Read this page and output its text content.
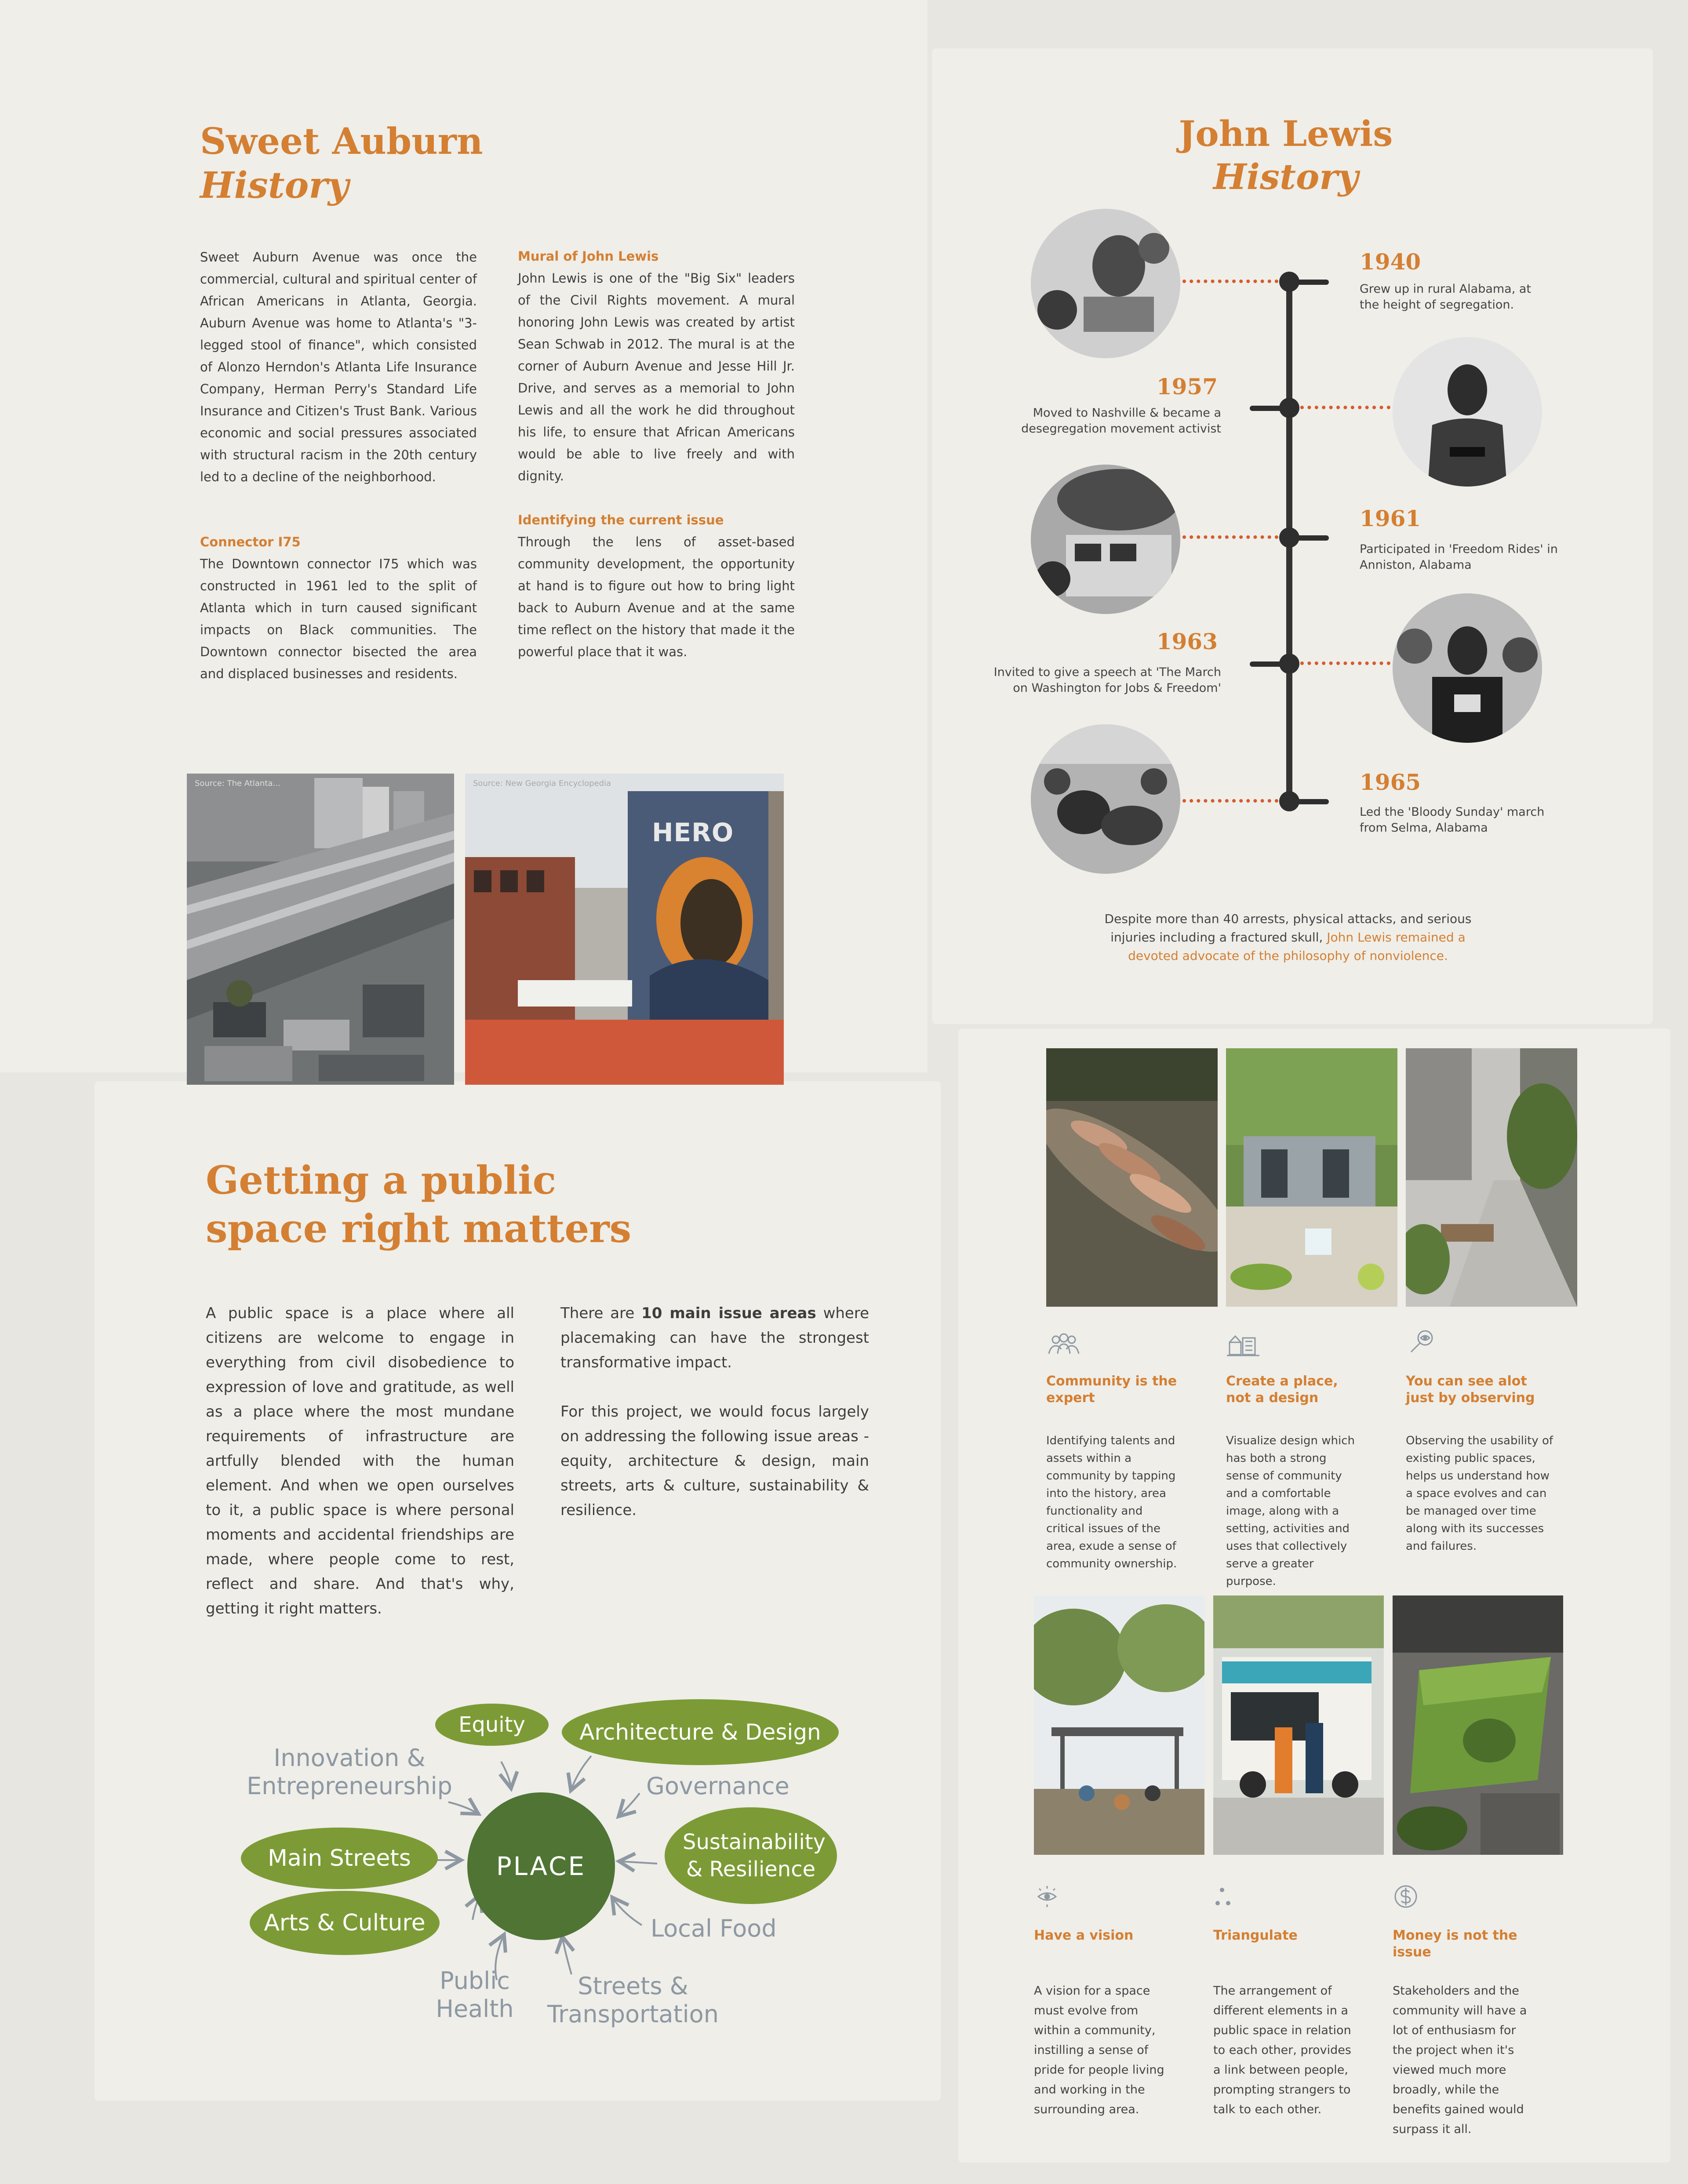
Sweet Auburn
History

Sweet Auburn Avenue was once the commercial, cultural and spiritual center of African Americans in Atlanta, Georgia. Auburn Avenue was home to Atlanta's "3-legged stool of finance", which consisted of Alonzo Herndon's Atlanta Life Insurance Company, Herman Perry's Standard Life Insurance and Citizen's Trust Bank. Various economic and social pressures associated with structural racism in the 20th century led to a decline of the neighborhood.

Connector I75
The Downtown connector I75 which was constructed in 1961 led to the split of Atlanta which in turn caused significant impacts on Black communities. The Downtown connector bisected the area and displaced businesses and residents.
Mural of John Lewis
John Lewis is one of the "Big Six" leaders of the Civil Rights movement. A mural honoring John Lewis was created by artist Sean Schwab in 2012. The mural is at the corner of Auburn Avenue and Jesse Hill Jr. Drive, and serves as a memorial to John Lewis and all the work he did throughout his life, to ensure that African Americans would be able to live freely and with dignity.
Identifying the current issue
Through the lens of asset-based community development, the opportunity at hand is to figure out how to bring light back to Auburn Avenue and at the same time reflect on the history that made it the powerful place that it was.
Source: The Atlanta...
HERO
Source: New Georgia Encyclopedia
John Lewis
History

1940

Grew up in rural Alabama, at the height of segregation.

1957

Moved to Nashville & became a desegregation movement activist

1961

Participated in 'Freedom Rides' in Anniston, Alabama

1963

Invited to give a speech at 'The March on Washington for Jobs & Freedom'

1965

Led the 'Bloody Sunday' march from Selma, Alabama

Despite more than 40 arrests, physical attacks, and serious injuries including a fractured skull, John Lewis remained a devoted advocate of the philosophy of nonviolence.

Getting a public
space right matters

A public space is a place where all citizens are welcome to engage in everything from civil disobedience to expression of love and gratitude, as well as a place where the most mundane requirements of infrastructure are artfully blended with the human element. And when we open ourselves to it, a public space is where personal moments and accidental friendships are made, where people come to rest, reflect and share. And that's why, getting it right matters.

There are 10 main issue areas where placemaking can have the strongest transformative impact.

For this project, we would focus largely on addressing the following issue areas - equity, architecture & design, main streets, arts & culture, sustainability & resilience.
PLACE
Equity Architecture & Design
Main Streets
Sustainability & Resilience
Arts & Culture

Innovation & Entrepreneurship	Governance

Local Food

Public Health

Streets & Transportation

Community is the expert

Identifying talents and assets within a community by tapping into the history, area functionality and critical issues of the area, exude a sense of community ownership.

Create a place, not a design

Visualize design which has both a strong sense of community and a comfortable image, along with a setting, activities and uses that collectively serve a greater purpose.

You can see alot just by observing

Observing the usability of existing public spaces, helps us understand how a space evolves and can be managed over time along with its successes and failures.

Have a vision

A vision for a space must evolve from within a community, instilling a sense of pride for people living and working in the surrounding area.

Triangulate

The arrangement of different elements in a public space in relation to each other, provides a link between people, prompting strangers to talk to each other.

Money is not the issue

Stakeholders and the community will have a lot of enthusiasm for the project when it's viewed much more broadly, while the benefits gained would surpass it all.
